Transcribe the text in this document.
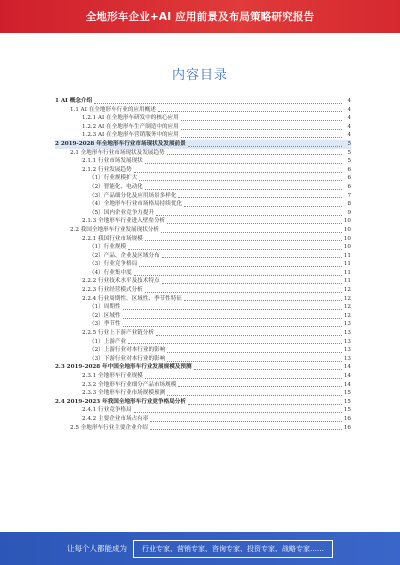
全地形车企业+AI 应用前景及布局策略研究报告
内容目录
1 AI 概念介绍	4
1.1 AI 在全地形车行业的应用概述	4
1.2.1 AI 在全地形车研发中的核心应用	4
1.2.2 AI 在全地形车生产制造中的应用	4
1.2.3 AI 在全地形车营销服务中的应用	4
2 2019-2028 年全地形车行业市场现状及发展前景	5
2.1 全地形车行业市场现状及发展趋势	5
2.1.1 行业市场发展现状	5
2.1.2 行业发展趋势	6
（1）行业规模扩大	6
（2）智能化、电动化	6
（3）产品细分化及应用场景多样化	7
（4）全地形车行业市场格局持续优化	8
（5）国内企业竞争力提升	9
2.1.3 全地形车行业进入壁垒分析	10
2.2 我国全地形车行业发展现状分析	10
2.2.1 我国行业市场规模	10
（1）行业规模	10
（2）产品、企业及区域分布	11
（3）行业竞争格局	11
（4）行业集中度	11
2.2.2 行业技术水平及技术特点	11
2.2.3 行业经营模式分析	12
2.2.4 行业周期性、区域性、季节性特征	12
（1）周期性	12
（2）区域性	12
（3）季节性	13
2.2.5 行业上下游产业链分析	13
（1）上游产业	13
（2）上游行业对本行业的影响	13
（3）下游行业对本行业的影响	13
2.3 2019-2028 年中国全地形车行业发展规模及预测	14
2.3.1 全地形车行业规模	14
2.3.2 全地形车行业细分产品市场规模	14
2.3.3 全地形车行业市场规模预测	15
2.4 2019-2023 年我国全地形车行业竞争格局分析	15
2.4.1 行业竞争格局	15
2.4.2 主要企业市场占有率	16
2.5 全地形车行业主要企业介绍	16
让每个人都能成为	行业专家、营销专家、咨询专家、投资专家、战略专家……
